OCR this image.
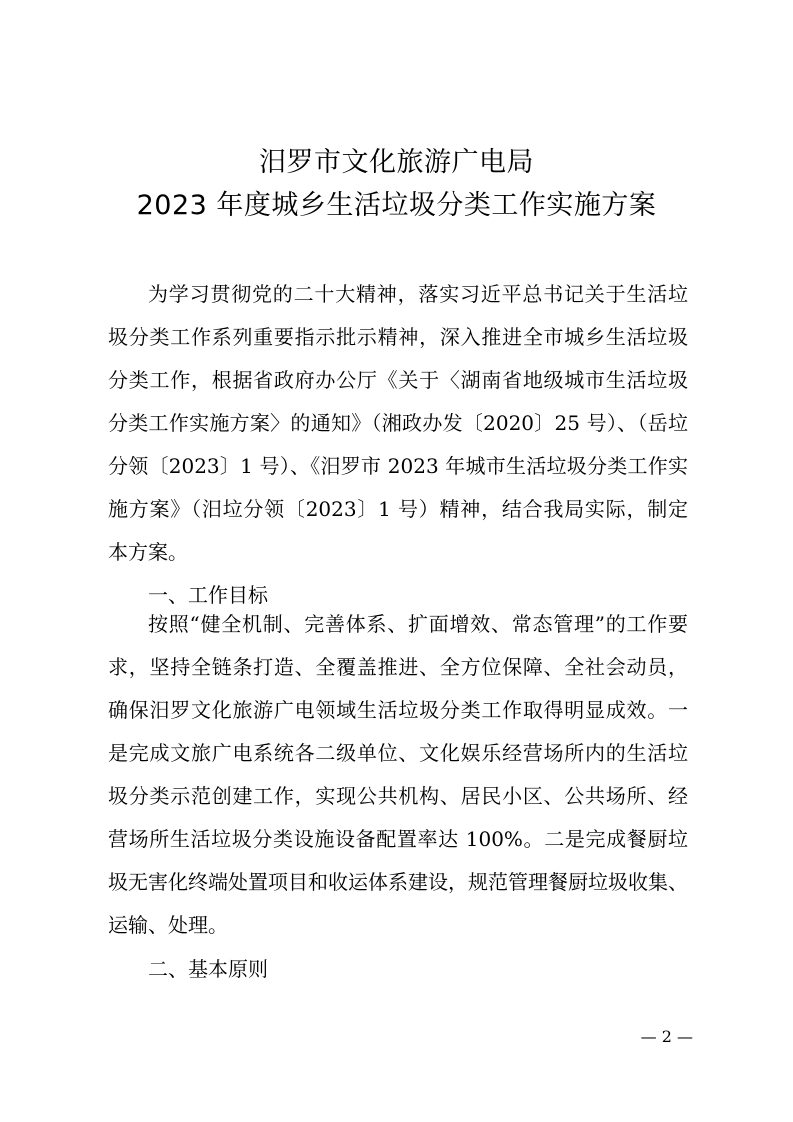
汨罗市文化旅游广电局
2023 年度城乡生活垃圾分类工作实施方案
为学习贯彻党的二十大精神，落实习近平总书记关于生活垃
圾分类工作系列重要指示批示精神，深入推进全市城乡生活垃圾
分类工作，根据省政府办公厅《关于〈湖南省地级城市生活垃圾
分类工作实施方案〉的通知》（湘政办发〔2020〕25 号）、（岳垃
分领〔2023〕1 号）、《汨罗市 2023 年城市生活垃圾分类工作实
施方案》（汨垃分领〔2023〕1 号）精神，结合我局实际，制定
本方案。
一、工作目标
按照“健全机制、完善体系、扩面增效、常态管理”的工作要
求，坚持全链条打造、全覆盖推进、全方位保障、全社会动员，
确保汨罗文化旅游广电领域生活垃圾分类工作取得明显成效。一
是完成文旅广电系统各二级单位、文化娱乐经营场所内的生活垃
圾分类示范创建工作，实现公共机构、居民小区、公共场所、经
营场所生活垃圾分类设施设备配置率达 100%。二是完成餐厨垃
圾无害化终端处置项目和收运体系建设，规范管理餐厨垃圾收集、
运输、处理。
二、基本原则
— 2 —
